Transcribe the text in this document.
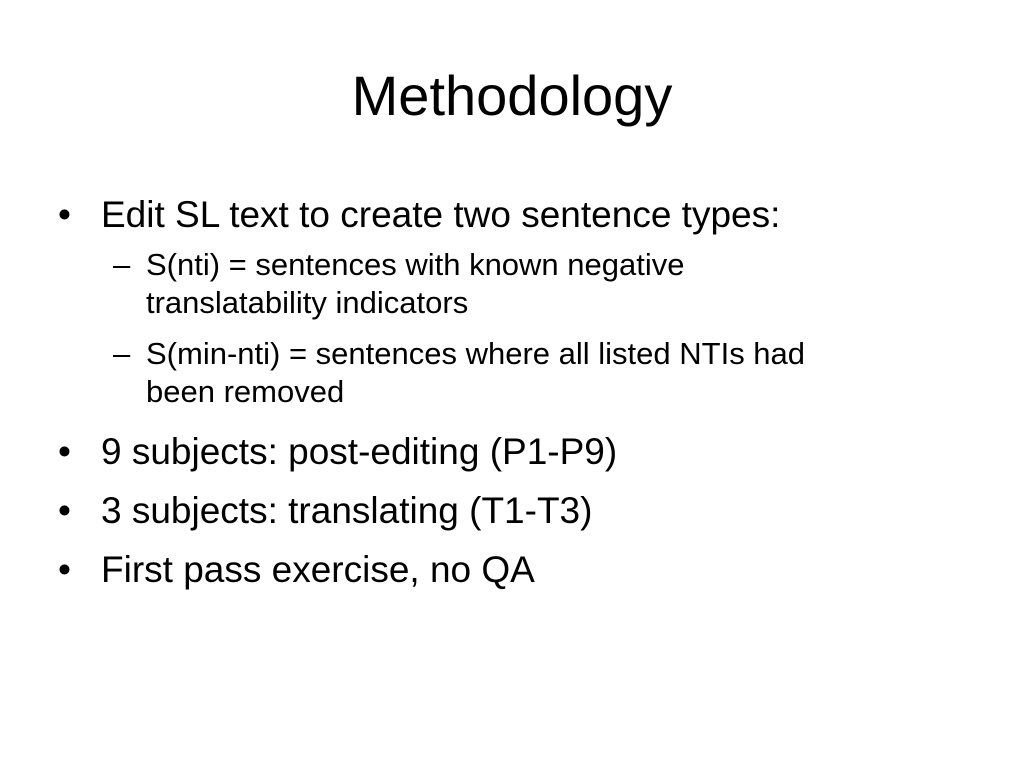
Methodology
• Edit SL text to create two sentence types:
– S(nti) = sentences with known negative translatability indicators
– S(min-nti) = sentences where all listed NTIs had been removed
• 9 subjects: post-editing (P1-P9)
• 3 subjects: translating (T1-T3)
• First pass exercise, no QA
